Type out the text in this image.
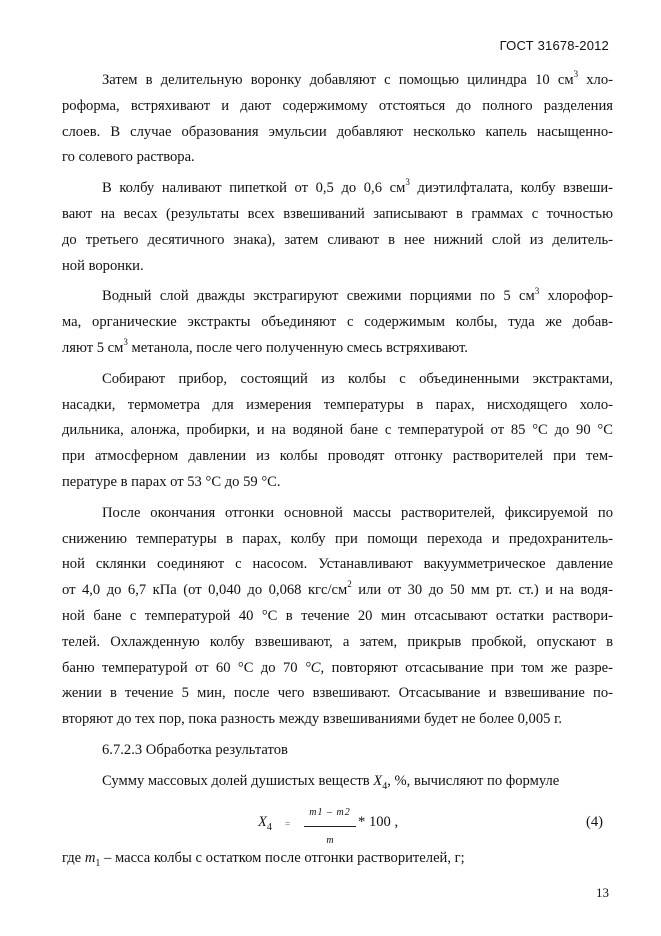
ГОСТ 31678-2012

Затем в делительную воронку добавляют с помощью цилиндра 10 $см^3$ хло-
роформа, встряхивают и дают содержимому отстояться до полного разделения
слоев. В случае образования эмульсии добавляют несколько капель насыщенно-
го солевого раствора.

В колбу наливают пипеткой от 0,5 до 0,6 $см^3$ диэтилфталата, колбу взвеши-
вают на весах (результаты всех взвешиваний записывают в граммах с точностью
до третьего десятичного знака), затем сливают в нее нижний слой из делитель-
ной воронки.

Водный слой дважды экстрагируют свежими порциями по 5 $см^3$ хлорофор-
ма, органические экстракты объединяют с содержимым колбы, туда же добав-
ляют 5 $см^3$ метанола, после чего полученную смесь встряхивают.

Собирают прибор, состоящий из колбы с объединенными экстрактами,
насадки, термометра для измерения температуры в парах, нисходящего холо-
дильника, алонжа, пробирки, и на водяной бане с температурой от 85 °С до 90 °С
при атмосферном давлении из колбы проводят отгонку растворителей при тем-
пературе в парах от 53 °С до 59 °С.

После окончания отгонки основной массы растворителей, фиксируемой по
снижению температуры в парах, колбу при помощи перехода и предохранитель-
ной склянки соединяют с насосом. Устанавливают вакуумметрическое давление
от 4,0 до 6,7 кПа (от 0,040 до 0,068 кгс/$см^2$ или от 30 до 50 мм рт. ст.) и на водя-
ной бане с температурой 40 °С в течение 20 мин отсасывают остатки раствори-
телей. Охлажденную колбу взвешивают, а затем, прикрыв пробкой, опускают в
баню температурой от 60 °С до 70 °С, повторяют отсасывание при том же разре-
жении в течение 5 мин, после чего взвешивают. Отсасывание и взвешивание по-
вторяют до тех пор, пока разность между взвешиваниями будет не более 0,005 г.

6.7.2.3 Обработка результатов

Сумму массовых долей душистых веществ $X_4$, %, вычисляют по формуле

$X_4 = \frac{m1 - m2}{m} * 100$ ,	(4)

где $m_1$ – масса колбы с остатком после отгонки растворителей, г;

13
